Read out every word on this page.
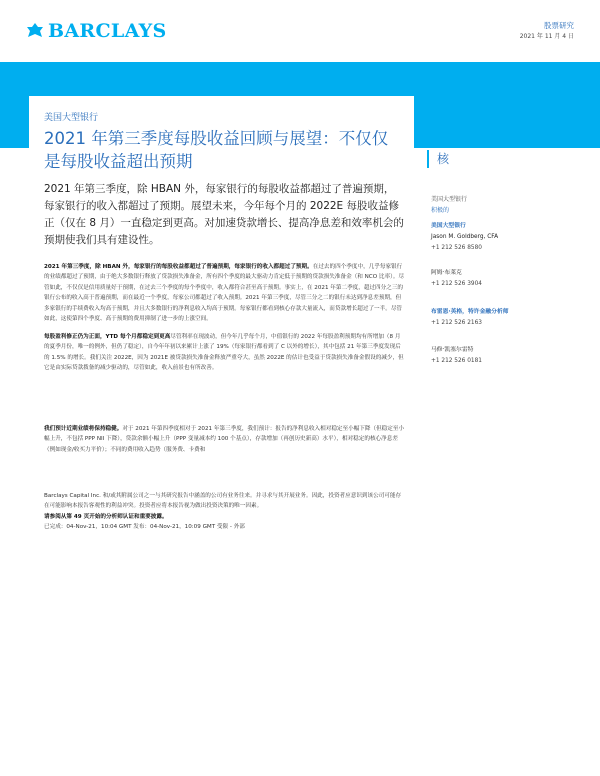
BARCLAYS	股票研究
2021 年 11 月 4 日
美国大型银行
2021 年第三季度每股收益回顾与展望：不仅仅是每股收益超出预期

2021 年第三季度，除 HBAN 外，每家银行的每股收益都超过了普遍预期，每家银行的收入都超过了预期。展望未来，今年每个月的 2022E 每股收益修正（仅在 8 月）一直稳定到更高。对加速贷款增长、提高净息差和效率机会的预期使我们具有建设性。

2021 年第三季度，除 HBAN 外，每家银行的每股收益都超过了普遍预期，每家银行的收入都超过了预期。在过去的四个季度中，几乎每家银行的业绩都超过了预期，由于绝大多数银行释放了贷款损失准备金，所有四个季度的最大驱动力肯定低于预期的贷款损失准备金（和 NCO 比率）。尽管如此，不仅仅是信用质量好于预期，在过去三个季度的每个季度中，收入都符合甚至高于预期。事实上，在 2021 年第二季度，超过四分之三的银行公布的收入高于普遍预期，而在最近一个季度，每家公司都超过了收入预期。2021 年第三季度，尽管三分之二的银行未达到净息差预期，但多家银行的手续费收入均高于预期，并且大多数银行的净利息收入均高于预期。每家银行都看到核心存款大量流入，而贷款增长超过了一半。尽管如此，这使第四个季度、高于预期的费用抑制了进一步的上涨空间。

每股盈利修正仍为正面，YTD 每个月都稳定到更高尽管利率在现波动，但今年几乎每个月，中值银行的 2022 年每股盈利预期均有所增加（8 月的夏季月份，唯一的例外，但仍了稳定），自今年年初以来累计上涨了 19%（每家银行都看到了 C 以外的增长），其中包括 21 年第三季度发现后的 1.5% 的增长。我们关注 2022E，因为 2021E 被贷款损失准备金释放严重夸大，虽然 2022E 的估计也受益于贷款损失准备金假设的减少，但它是由实际贷款拨备的减少驱动的，尽管如此，收入前景也有所改善。

我们预计近期业绩将保持稳健。对于 2021 年第四季度相对于 2021 年第三季度，我们预计：报告的净利息收入相对稳定至小幅下降（但稳定至小幅上升，不包括 PPP NII 下降），贷款余额小幅上升（PPP 变量减本约 100 个基点），存款增加（再创历史新高）水平），相对稳定的核心净息差（例如现金/收买力平价）；不同的费用收入趋势（服务费、卡费和

Barclays Capital Inc. 和/或其附属公司之一与其研究报告中涵盖的公司有业务往来。并寻求与其开展业务。因此，投资者应意识到该公司可能存在可能影响本报告客观性的利益冲突。投资者应将本报告视为做出投资决策的唯一因素。
请参阅从第 49 页开始的分析师认证和重要披露。
已完成：04-Nov-21，10:04 GMT 发布：04-Nov-21，10:09 GMT 受限 - 外部
核
美国大型银行
积极的
美国大型银行
Jason M. Goldberg, CFA
+1 212 526 8580
阿姆·布莱克
+1 212 526 3904
布雷恩·英格，特许金融分析师
+1 212 526 2163
马修·凯塞尔雷特
+1 212 526 0181
